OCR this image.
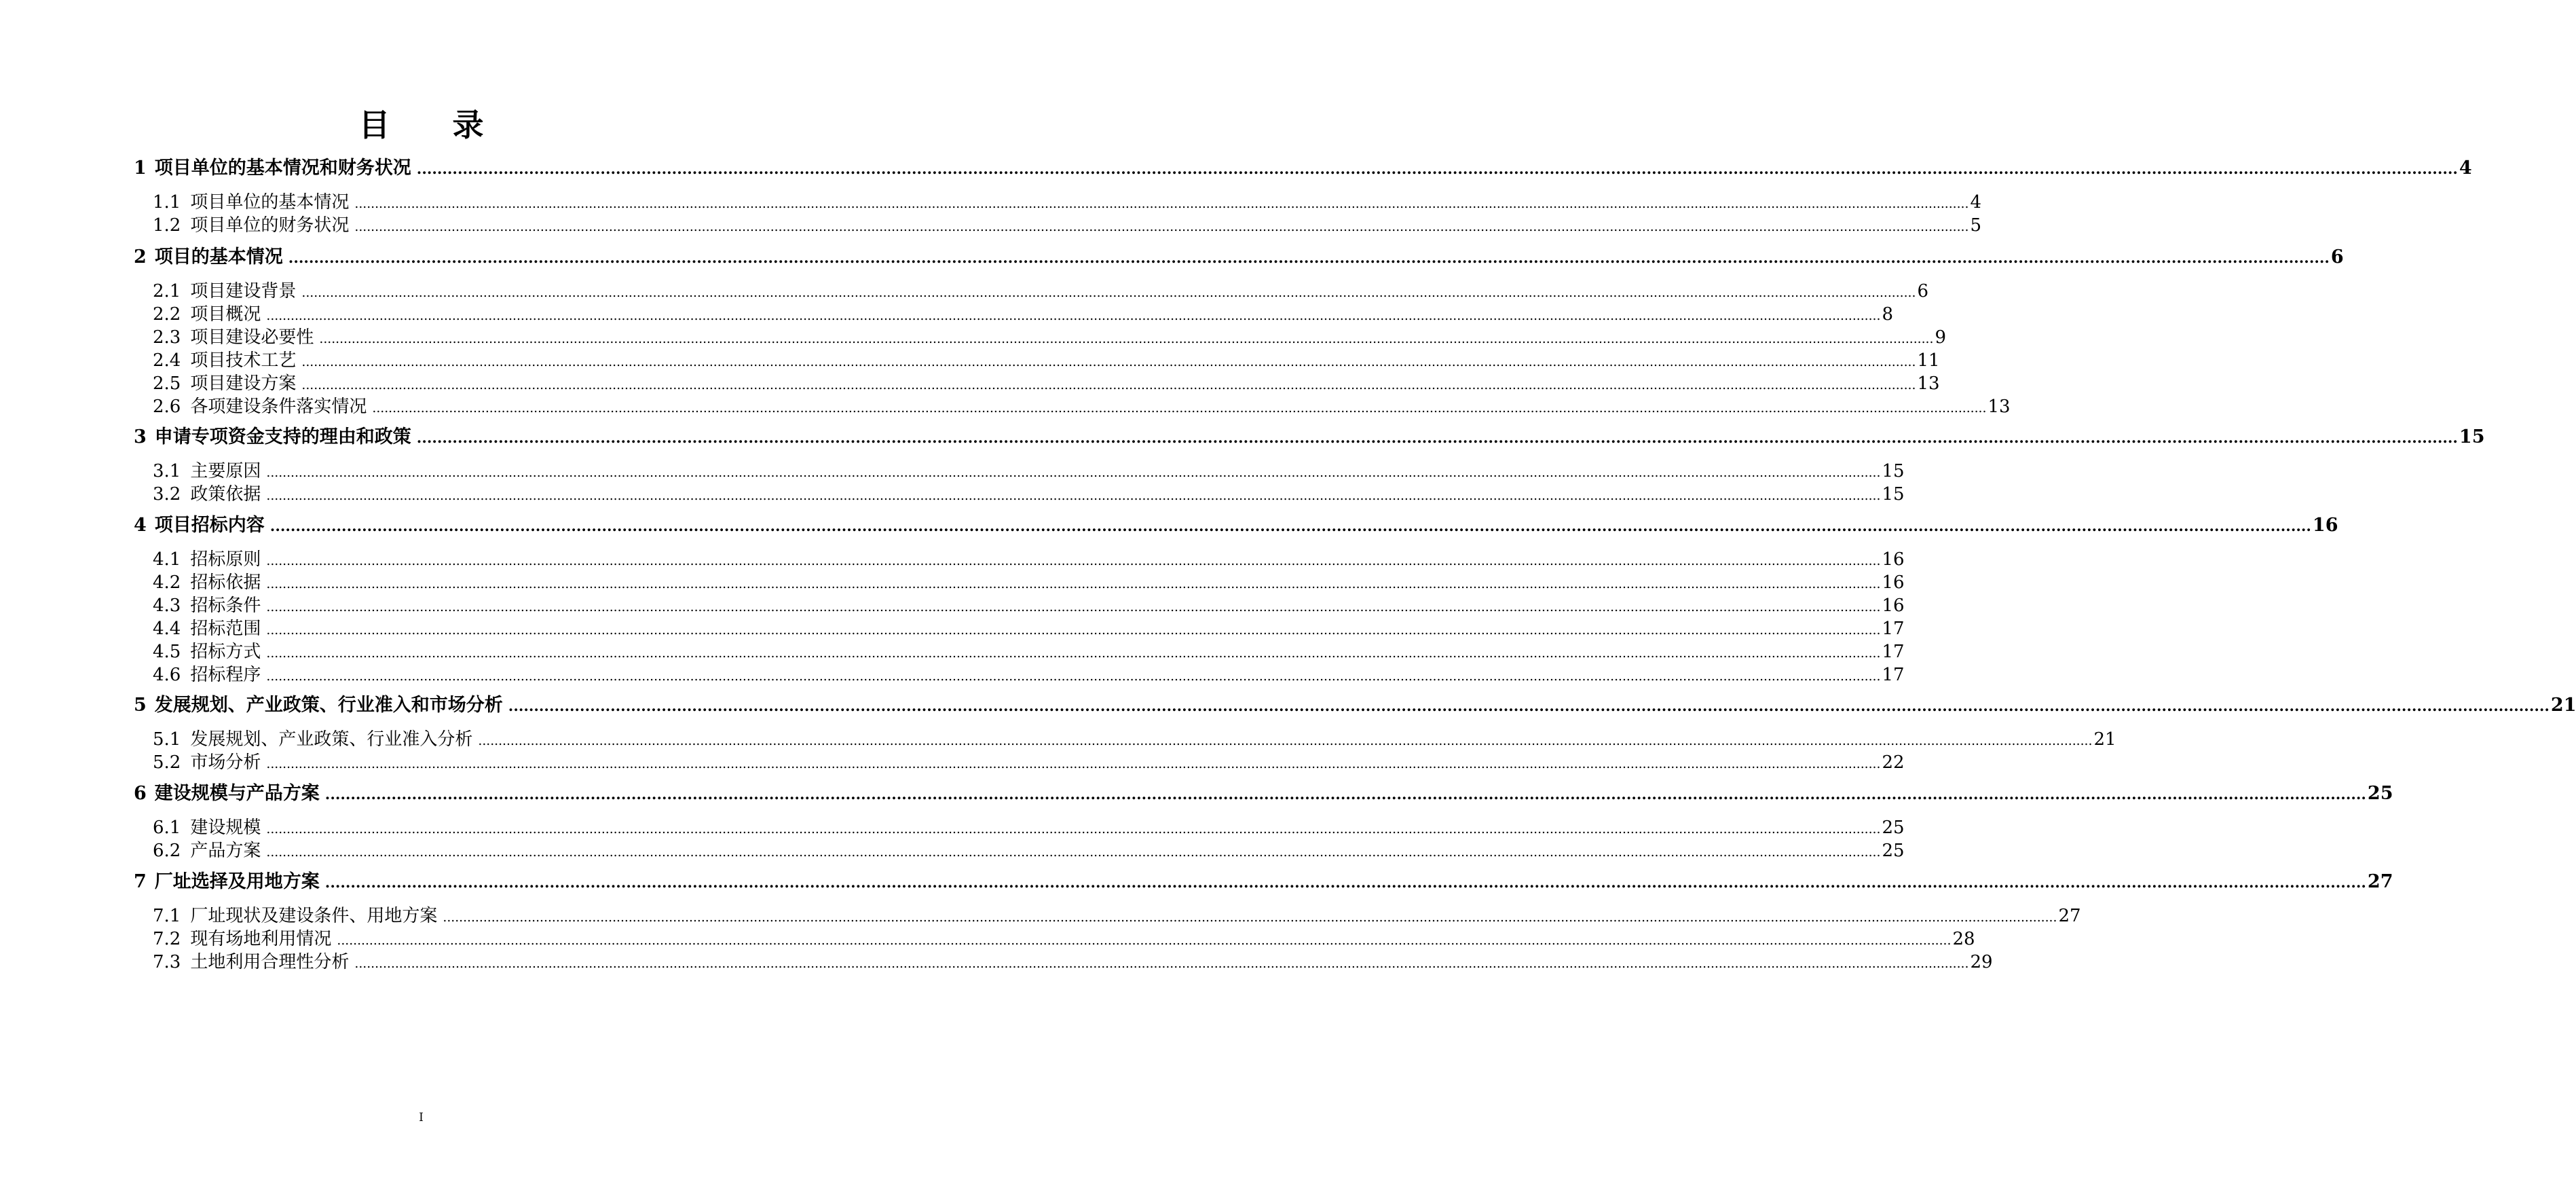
目 录
1 项目单位的基本情况和财务状况 ................................................................................................................................................................................................................................................................................................................................................................................................................ 4
1.1 项目单位的基本情况 ................................................................................................................................................................................................................................................................................................................................................................................................................ 4
1.2 项目单位的财务状况 ................................................................................................................................................................................................................................................................................................................................................................................................................ 5
2 项目的基本情况 ................................................................................................................................................................................................................................................................................................................................................................................................................ 6
2.1 项目建设背景 ................................................................................................................................................................................................................................................................................................................................................................................................................ 6
2.2 项目概况 ................................................................................................................................................................................................................................................................................................................................................................................................................ 8
2.3 项目建设必要性 ................................................................................................................................................................................................................................................................................................................................................................................................................ 9
2.4 项目技术工艺 ................................................................................................................................................................................................................................................................................................................................................................................................................ 11
2.5 项目建设方案 ................................................................................................................................................................................................................................................................................................................................................................................................................ 13
2.6 各项建设条件落实情况 ................................................................................................................................................................................................................................................................................................................................................................................................................ 13
3 申请专项资金支持的理由和政策 ................................................................................................................................................................................................................................................................................................................................................................................................................ 15
3.1 主要原因 ................................................................................................................................................................................................................................................................................................................................................................................................................ 15
3.2 政策依据 ................................................................................................................................................................................................................................................................................................................................................................................................................ 15
4 项目招标内容 ................................................................................................................................................................................................................................................................................................................................................................................................................ 16
4.1 招标原则 ................................................................................................................................................................................................................................................................................................................................................................................................................ 16
4.2 招标依据 ................................................................................................................................................................................................................................................................................................................................................................................................................ 16
4.3 招标条件 ................................................................................................................................................................................................................................................................................................................................................................................................................ 16
4.4 招标范围 ................................................................................................................................................................................................................................................................................................................................................................................................................ 17
4.5 招标方式 ................................................................................................................................................................................................................................................................................................................................................................................................................ 17
4.6 招标程序 ................................................................................................................................................................................................................................................................................................................................................................................................................ 17
5 发展规划、产业政策、行业准入和市场分析 ................................................................................................................................................................................................................................................................................................................................................................................................................ 21
5.1 发展规划、产业政策、行业准入分析 ................................................................................................................................................................................................................................................................................................................................................................................................................ 21
5.2 市场分析 ................................................................................................................................................................................................................................................................................................................................................................................................................ 22
6 建设规模与产品方案 ................................................................................................................................................................................................................................................................................................................................................................................................................ 25
6.1 建设规模 ................................................................................................................................................................................................................................................................................................................................................................................................................ 25
6.2 产品方案 ................................................................................................................................................................................................................................................................................................................................................................................................................ 25
7 厂址选择及用地方案 ................................................................................................................................................................................................................................................................................................................................................................................................................ 27
7.1 厂址现状及建设条件、用地方案 ................................................................................................................................................................................................................................................................................................................................................................................................................ 27
7.2 现有场地利用情况 ................................................................................................................................................................................................................................................................................................................................................................................................................ 28
7.3 土地利用合理性分析 ................................................................................................................................................................................................................................................................................................................................................................................................................ 29
I
